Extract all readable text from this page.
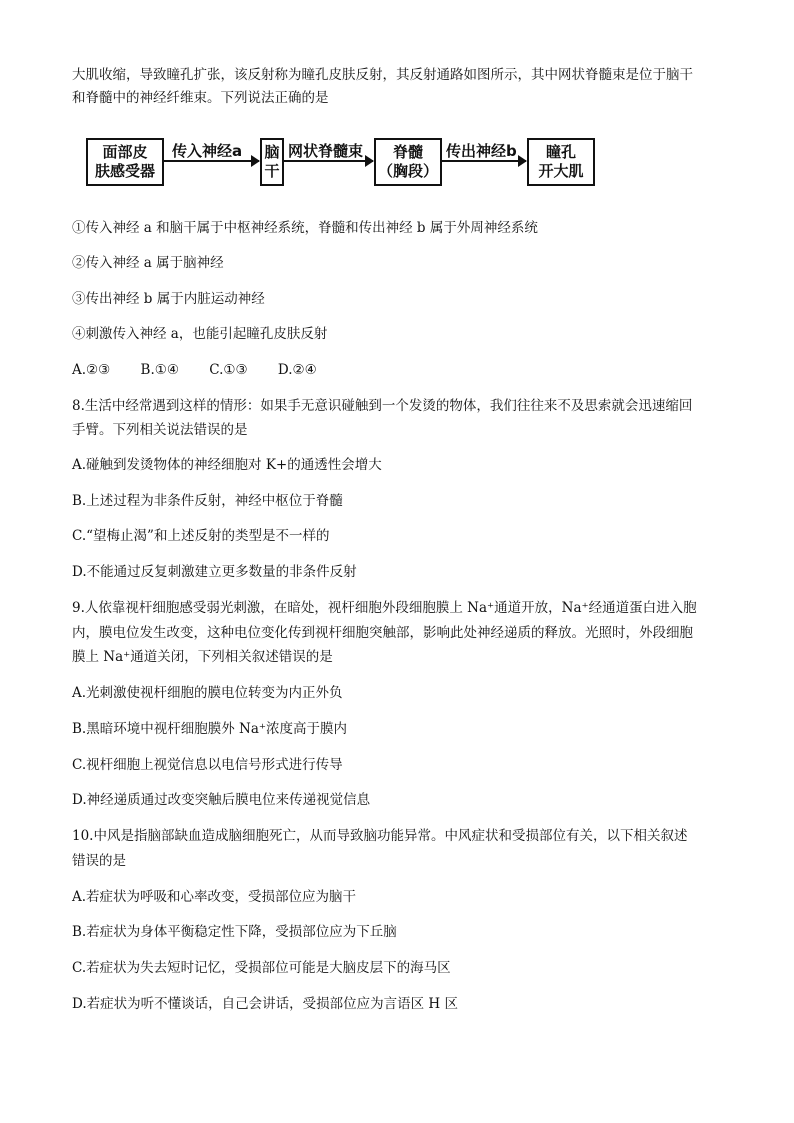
大肌收缩，导致瞳孔扩张，该反射称为瞳孔皮肤反射，其反射通路如图所示，其中网状脊髓束是位于脑干
和脊髓中的神经纤维束。下列说法正确的是
面部皮
肤感受器
传入神经a 脑
干
网状脊髓束 脊髓
（胸段）
传出神经b 瞳孔
开大肌
①传入神经 a 和脑干属于中枢神经系统，脊髓和传出神经 b 属于外周神经系统
②传入神经 a 属于脑神经
③传出神经 b 属于内脏运动神经
④刺激传入神经 a，也能引起瞳孔皮肤反射
A.②③ B.①④ C.①③ D.②④
8.生活中经常遇到这样的情形：如果手无意识碰触到一个发烫的物体，我们往往来不及思索就会迅速缩回
手臂。下列相关说法错误的是
A.碰触到发烫物体的神经细胞对 K+的通透性会增大
B.上述过程为非条件反射，神经中枢位于脊髓
C.“望梅止渴”和上述反射的类型是不一样的
D.不能通过反复刺激建立更多数量的非条件反射
9.人依靠视杆细胞感受弱光刺激，在暗处，视杆细胞外段细胞膜上 Na⁺通道开放，Na⁺经通道蛋白进入胞
内，膜电位发生改变，这种电位变化传到视杆细胞突触部，影响此处神经递质的释放。光照时，外段细胞
膜上 Na⁺通道关闭，下列相关叙述错误的是
A.光刺激使视杆细胞的膜电位转变为内正外负
B.黑暗环境中视杆细胞膜外 Na⁺浓度高于膜内
C.视杆细胞上视觉信息以电信号形式进行传导
D.神经递质通过改变突触后膜电位来传递视觉信息
10.中风是指脑部缺血造成脑细胞死亡，从而导致脑功能异常。中风症状和受损部位有关，以下相关叙述
错误的是
A.若症状为呼吸和心率改变，受损部位应为脑干
B.若症状为身体平衡稳定性下降，受损部位应为下丘脑
C.若症状为失去短时记忆，受损部位可能是大脑皮层下的海马区
D.若症状为听不懂谈话，自己会讲话，受损部位应为言语区 H 区
